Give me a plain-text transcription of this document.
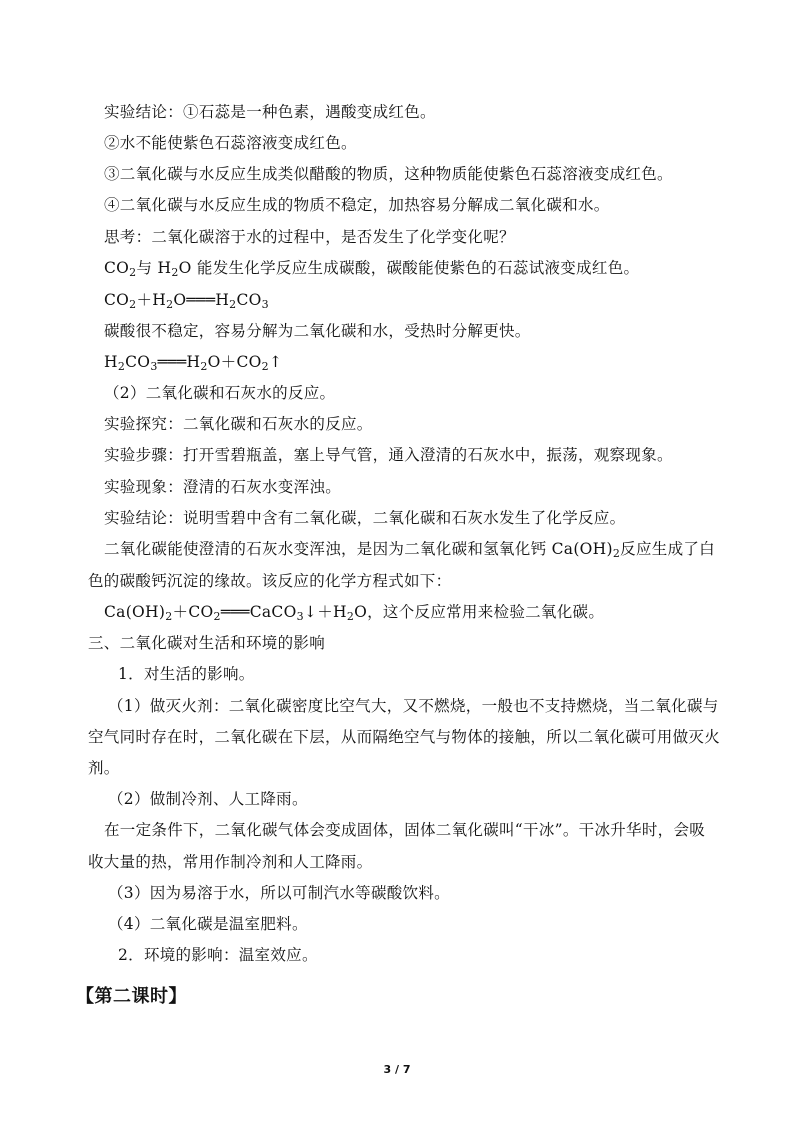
实验结论：①石蕊是一种色素，遇酸变成红色。
②水不能使紫色石蕊溶液变成红色。
③二氧化碳与水反应生成类似醋酸的物质，这种物质能使紫色石蕊溶液变成红色。
④二氧化碳与水反应生成的物质不稳定，加热容易分解成二氧化碳和水。
思考：二氧化碳溶于水的过程中，是否发生了化学变化呢？
$CO_2$与 $H_2O$ 能发生化学反应生成碳酸，碳酸能使紫色的石蕊试液变成红色。
$CO_2+H_2O═══H_2CO_3$
碳酸很不稳定，容易分解为二氧化碳和水，受热时分解更快。
$H_2CO_3═══H_2O+CO_2↑$
（2）二氧化碳和石灰水的反应。
实验探究：二氧化碳和石灰水的反应。
实验步骤：打开雪碧瓶盖，塞上导气管，通入澄清的石灰水中，振荡，观察现象。
实验现象：澄清的石灰水变浑浊。
实验结论：说明雪碧中含有二氧化碳，二氧化碳和石灰水发生了化学反应。
二氧化碳能使澄清的石灰水变浑浊，是因为二氧化碳和氢氧化钙 $Ca(OH)_2$反应生成了白
色的碳酸钙沉淀的缘故。该反应的化学方程式如下：
$Ca(OH)_2+CO_2═══CaCO_3↓+H_2O$，这个反应常用来检验二氧化碳。
三、二氧化碳对生活和环境的影响
1．对生活的影响。
（1）做灭火剂：二氧化碳密度比空气大，又不燃烧，一般也不支持燃烧，当二氧化碳与
空气同时存在时，二氧化碳在下层，从而隔绝空气与物体的接触，所以二氧化碳可用做灭火
剂。
（2）做制冷剂、人工降雨。
在一定条件下，二氧化碳气体会变成固体，固体二氧化碳叫“干冰”。干冰升华时，会吸
收大量的热，常用作制冷剂和人工降雨。
（3）因为易溶于水，所以可制汽水等碳酸饮料。
（4）二氧化碳是温室肥料。
2．环境的影响：温室效应。
【第二课时】
3 / 7
